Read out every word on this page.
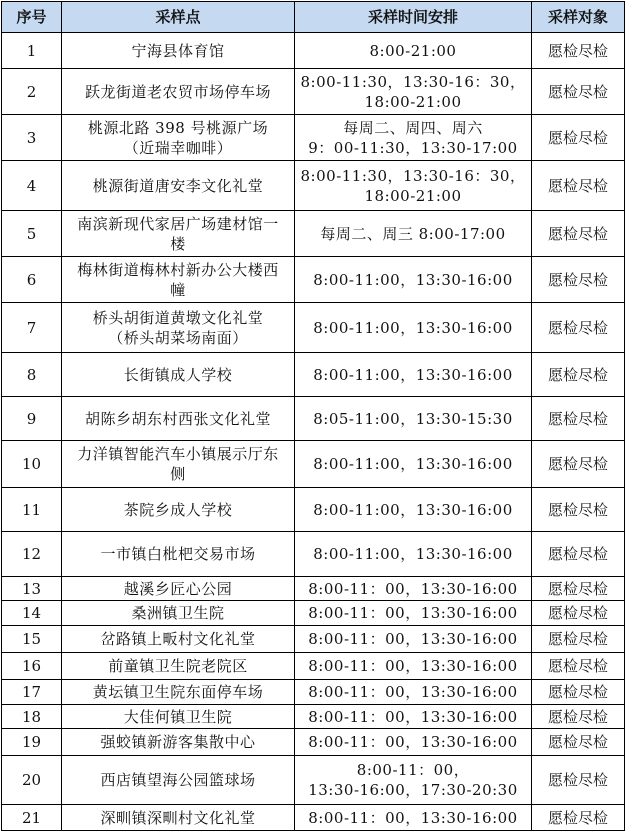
序号	采样点	采样时间安排	采样对象
1	宁海县体育馆	8:00-21:00	愿检尽检
2	跃龙街道老农贸市场停车场	8:00-11:30，13:30-16：30，
18:00-21:00	愿检尽检
3	桃源北路 398 号桃源广场
（近瑞幸咖啡）	每周二、周四、周六
9：00-11:30，13:30-17:00	愿检尽检
4	桃源街道唐安李文化礼堂	8:00-11:30，13:30-16：30，
18:00-21:00	愿检尽检
5	南滨新现代家居广场建材馆一
楼	每周二、周三 8:00-17:00	愿检尽检
6	梅林街道梅林村新办公大楼西
幢	8:00-11:00，13:30-16:00	愿检尽检
7	桥头胡街道黄墩文化礼堂
（桥头胡菜场南面）	8:00-11:00，13:30-16:00	愿检尽检
8	长街镇成人学校	8:00-11:00，13:30-16:00	愿检尽检
9	胡陈乡胡东村西张文化礼堂	8:05-11:00，13:30-15:30	愿检尽检
10	力洋镇智能汽车小镇展示厅东
侧	8:00-11:00，13:30-16:00	愿检尽检
11	茶院乡成人学校	8:00-11:00，13:30-16:00	愿检尽检
12	一市镇白枇杷交易市场	8:00-11:00，13:30-16:00	愿检尽检
13	越溪乡匠心公园	8:00-11：00，13:30-16:00	愿检尽检
14	桑洲镇卫生院	8:00-11：00，13:30-16:00	愿检尽检
15	岔路镇上畈村文化礼堂	8:00-11：00，13:30-16:00	愿检尽检
16	前童镇卫生院老院区	8:00-11：00，13:30-16:00	愿检尽检
17	黄坛镇卫生院东面停车场	8:00-11：00，13:30-16:00	愿检尽检
18	大佳何镇卫生院	8:00-11：00，13:30-16:00	愿检尽检
19	强蛟镇新游客集散中心	8:00-11：00，13:30-16:00	愿检尽检
20	西店镇望海公园篮球场	8:00-11：00，
13:30-16:00，17:30-20:30	愿检尽检
21	深甽镇深甽村文化礼堂	8:00-11：00，13:30-16:00	愿检尽检
